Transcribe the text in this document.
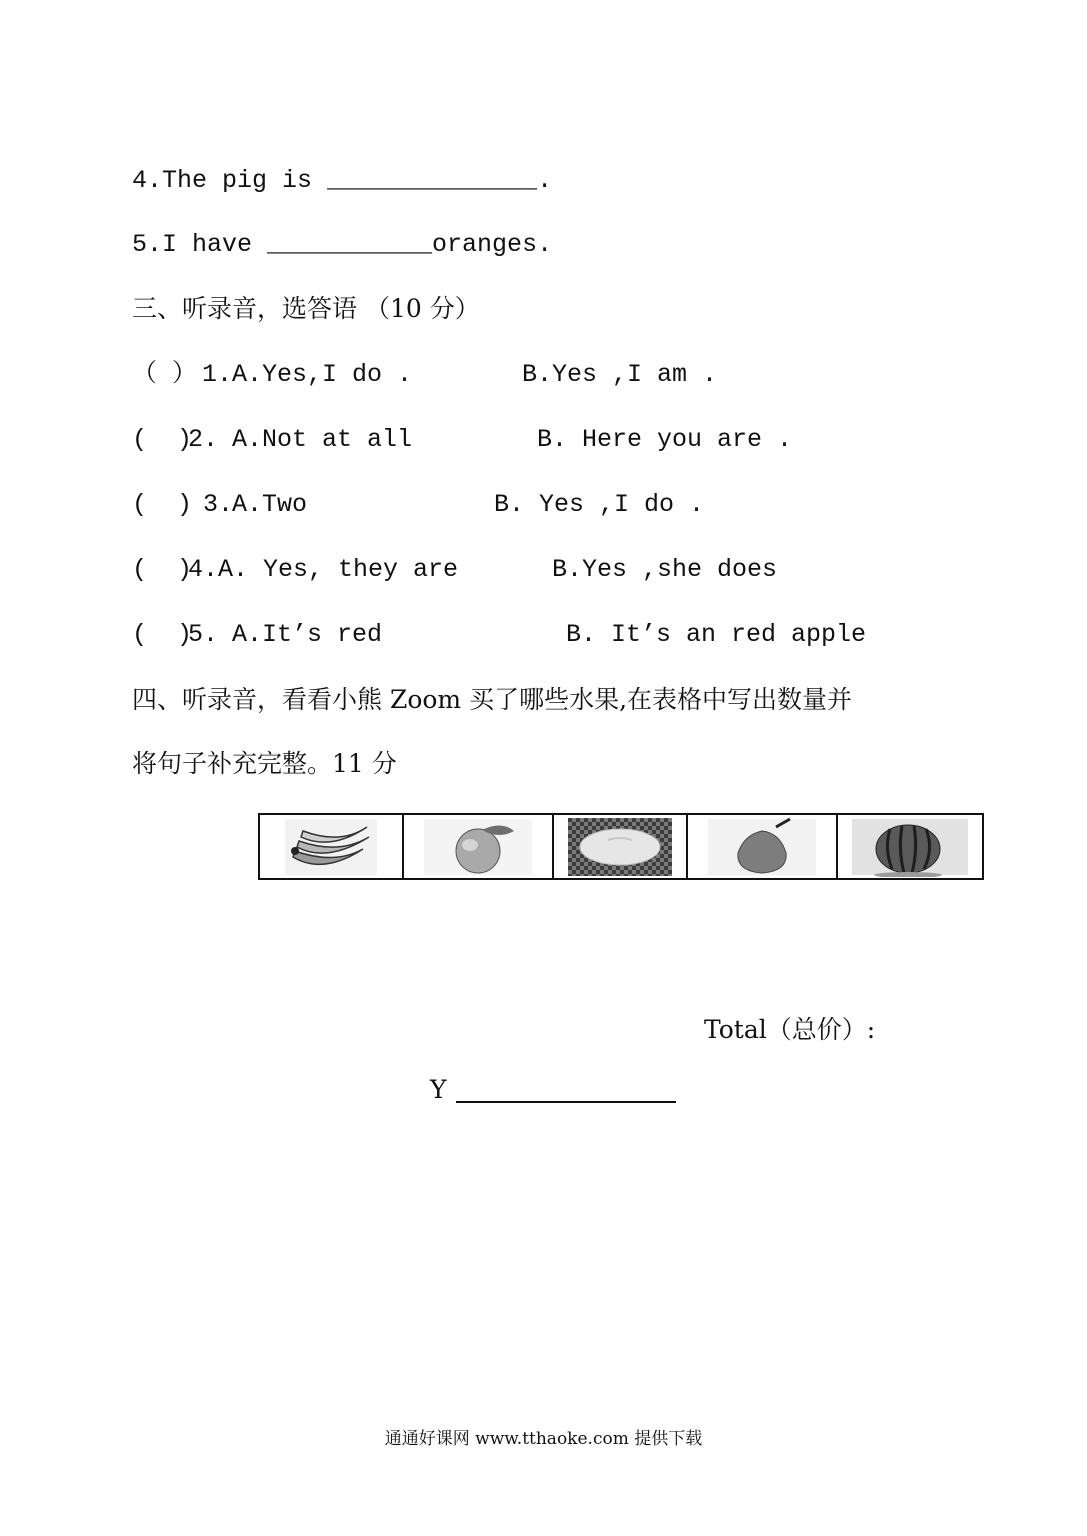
4.The pig is ______________.
5.I have ___________oranges.
三、听录音，选答语 （10 分）
（ ） 1. A.Yes,I do .	B.Yes ,I am .
(  )
2. A.Not at all	B. Here you are .
(  ) 3.
A.Two	B. Yes ,I do .
(  )
4. A. Yes, they are	B.Yes ,she does
(  )
5. A.It’s red	B. It’s an red apple
四、听录音，看看小熊 Zoom 买了哪些水果,在表格中写出数量并
将句子补充完整。11 分

Total（总价）:
Y
通通好课网 www.tthaoke.com 提供下载
